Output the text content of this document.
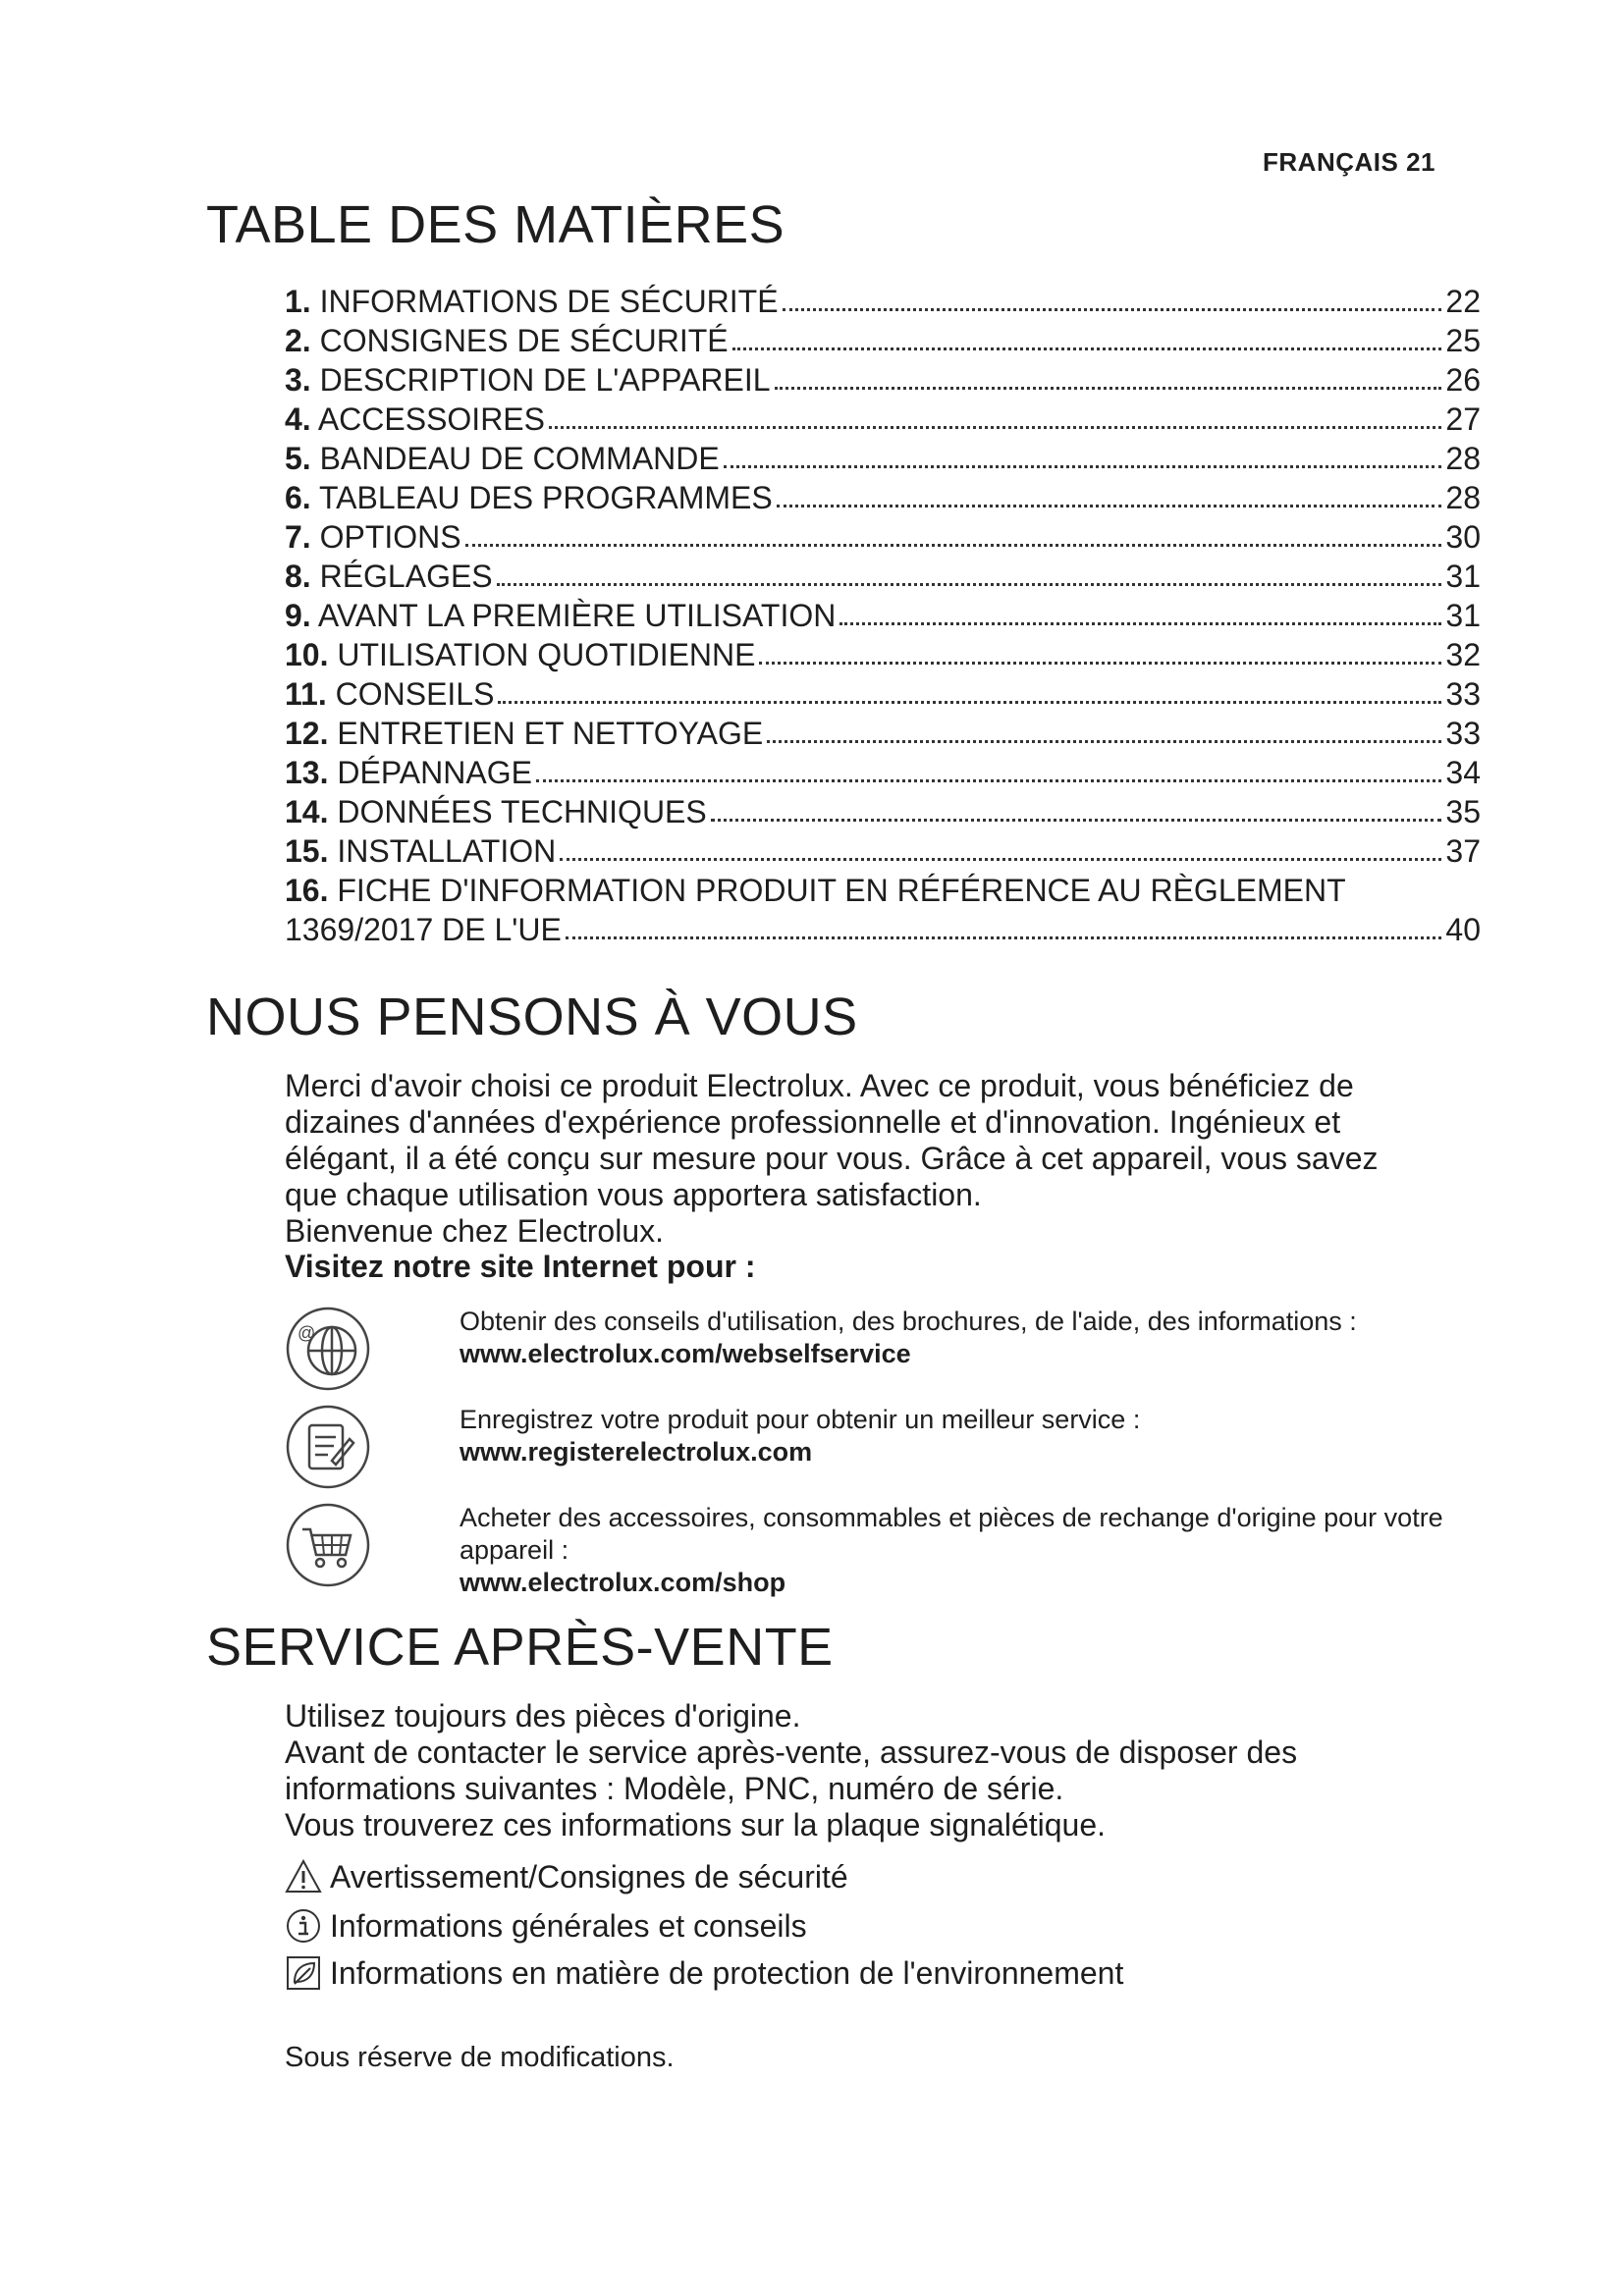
FRANÇAIS 21
TABLE DES MATIÈRES
1. INFORMATIONS DE SÉCURITÉ	22
2. CONSIGNES DE SÉCURITÉ	25
3. DESCRIPTION DE L'APPAREIL	26
4. ACCESSOIRES	27
5. BANDEAU DE COMMANDE	28
6. TABLEAU DES PROGRAMMES	28
7. OPTIONS	30
8. RÉGLAGES	31
9. AVANT LA PREMIÈRE UTILISATION	31
10. UTILISATION QUOTIDIENNE	32
11. CONSEILS	33
12. ENTRETIEN ET NETTOYAGE	33
13. DÉPANNAGE	34
14. DONNÉES TECHNIQUES	35
15. INSTALLATION	37
16. FICHE D'INFORMATION PRODUIT EN RÉFÉRENCE AU RÈGLEMENT
1369/2017 DE L'UE	40
NOUS PENSONS À VOUS

Merci d'avoir choisi ce produit Electrolux. Avec ce produit, vous bénéficiez de

dizaines d'années d'expérience professionnelle et d'innovation. Ingénieux et

élégant, il a été conçu sur mesure pour vous. Grâce à cet appareil, vous savez

que chaque utilisation vous apportera satisfaction.

Bienvenue chez Electrolux.

Visitez notre site Internet pour :
@	Obtenir des conseils d'utilisation, des brochures, de l'aide, des informations :
www.electrolux.com/webselfservice
Enregistrez votre produit pour obtenir un meilleur service :
www.registerelectrolux.com
Acheter des accessoires, consommables et pièces de rechange d'origine pour votre appareil :
www.electrolux.com/shop
SERVICE APRÈS-VENTE

Utilisez toujours des pièces d'origine.

Avant de contacter le service après-vente, assurez-vous de disposer des

informations suivantes : Modèle, PNC, numéro de série.

Vous trouverez ces informations sur la plaque signalétique.

Avertissement/Consignes de sécurité
Informations générales et conseils
Informations en matière de protection de l'environnement
Sous réserve de modifications.
